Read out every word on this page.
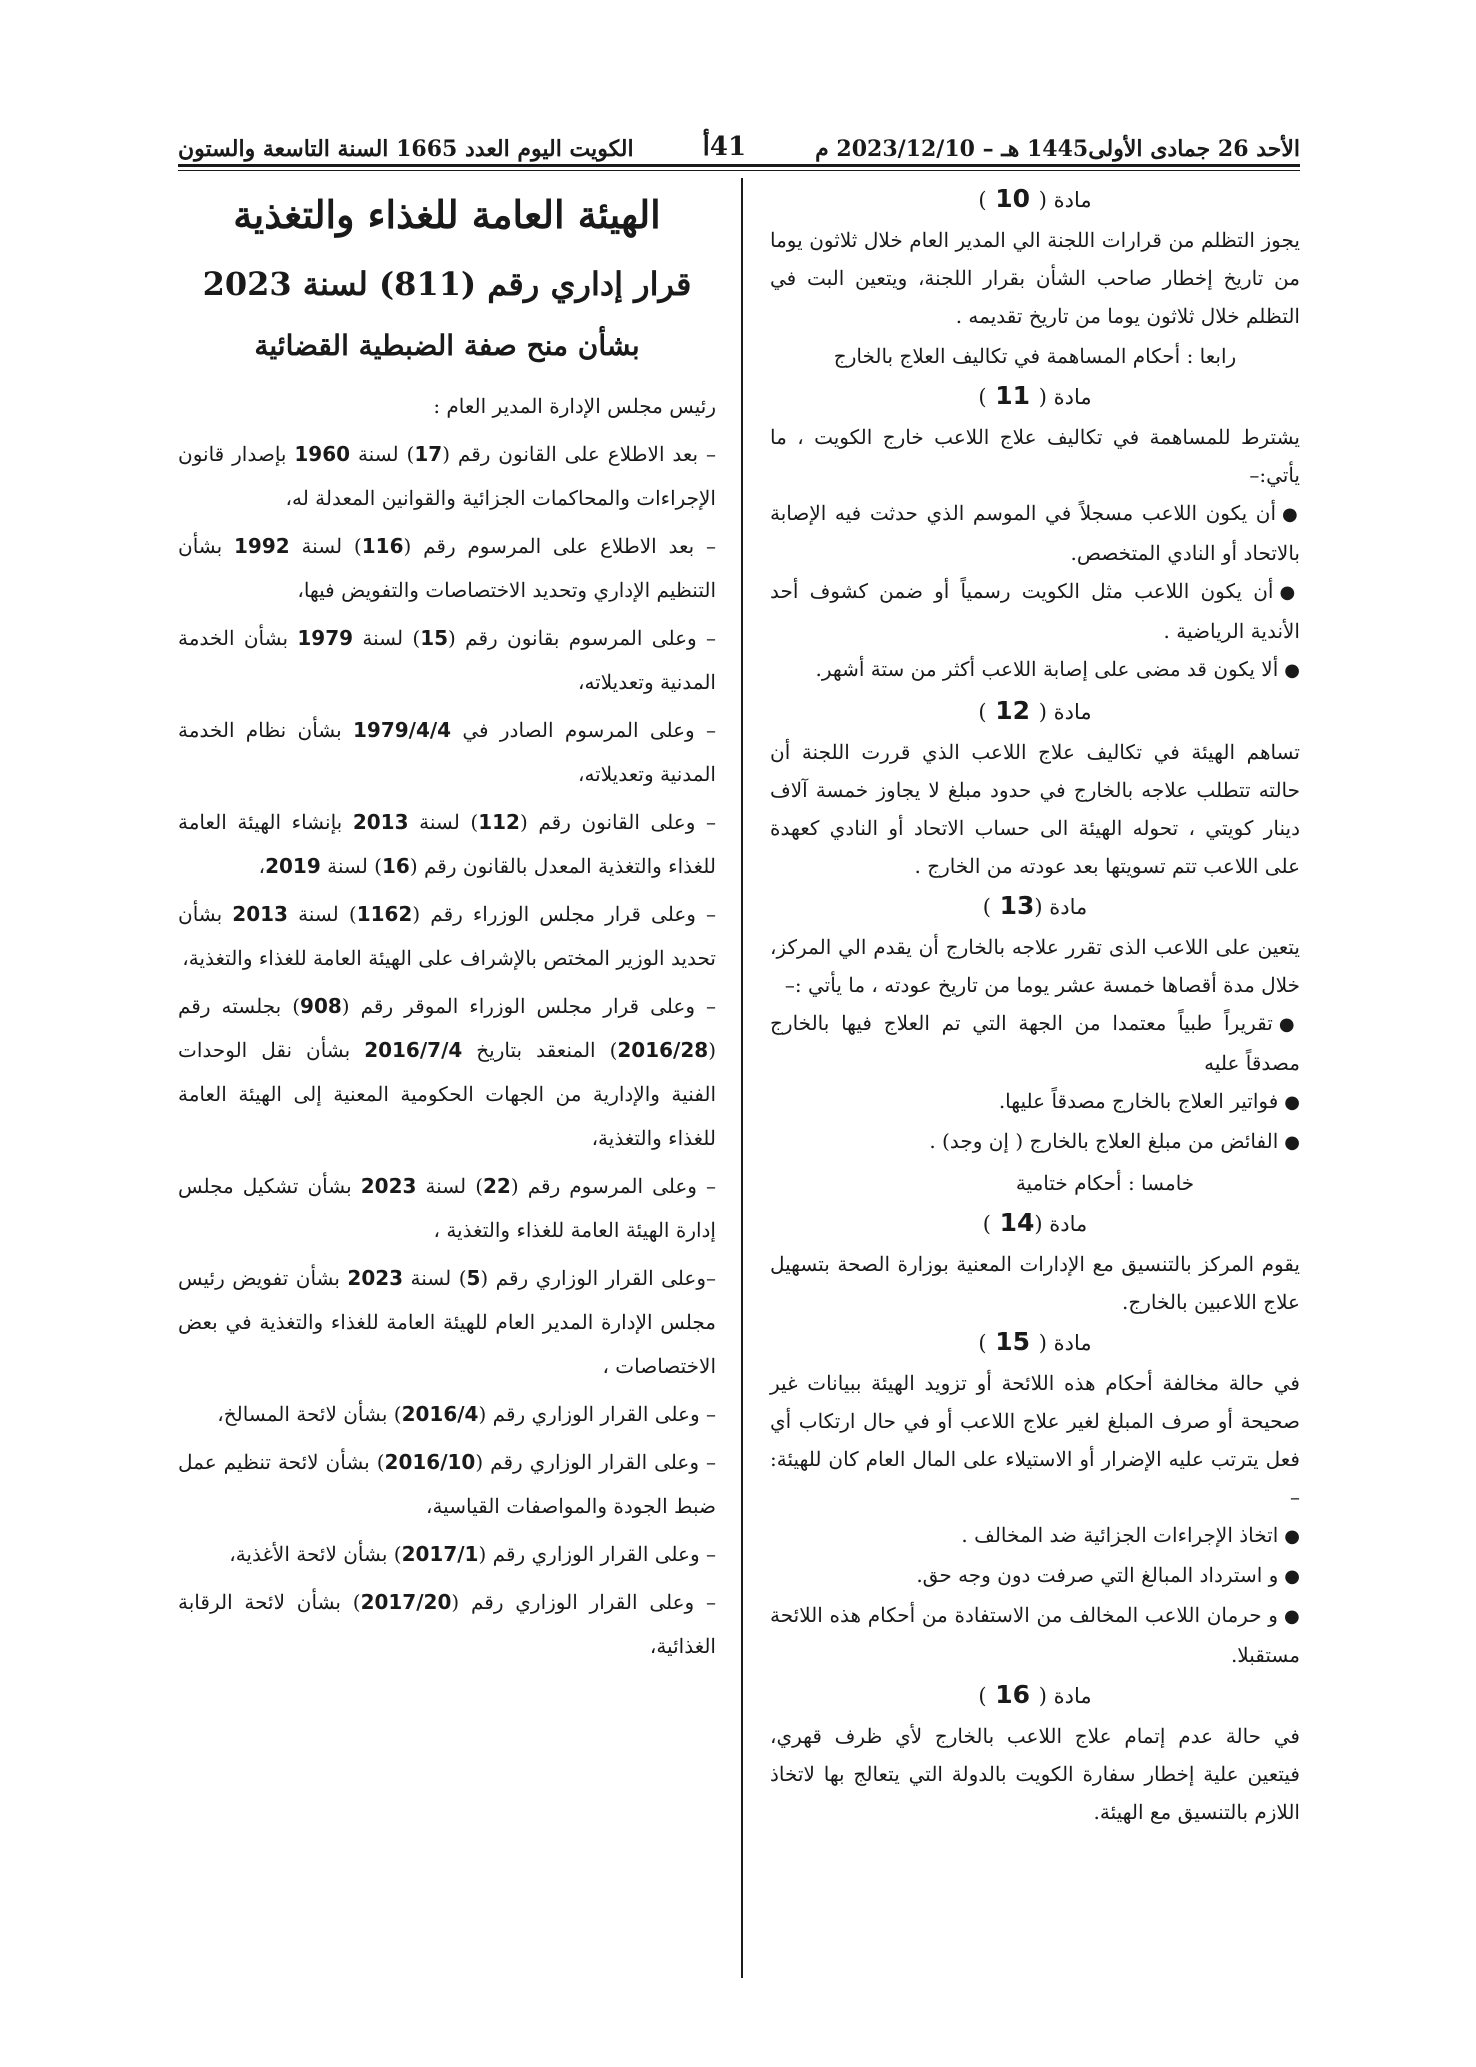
الأحد 26 جمادى الأولى1445 هـ – 2023/12/10 م
41أ
الكويت اليوم العدد 1665 السنة التاسعة والستون
مادة ( 10 )
يجوز التظلم من قرارات اللجنة الي المدير العام خلال ثلاثون يوما من تاريخ إخطار صاحب الشأن بقرار اللجنة، ويتعين البت في التظلم خلال ثلاثون يوما من تاريخ تقديمه .
رابعا : أحكام المساهمة في تكاليف العلاج بالخارج
مادة ( 11 )
يشترط للمساهمة في تكاليف علاج اللاعب خارج الكويت ، ما يأتي:–
●أن يكون اللاعب مسجلاً في الموسم الذي حدثت فيه الإصابة بالاتحاد أو النادي المتخصص.
●أن يكون اللاعب مثل الكويت رسمياً أو ضمن كشوف أحد الأندية الرياضية .
●ألا يكون قد مضى على إصابة اللاعب أكثر من ستة أشهر.
مادة ( 12 )
تساهم الهيئة في تكاليف علاج اللاعب الذي قررت اللجنة أن حالته تتطلب علاجه بالخارج في حدود مبلغ لا يجاوز خمسة آلاف دينار كويتي ، تحوله الهيئة الى حساب الاتحاد أو النادي كعهدة على اللاعب تتم تسويتها بعد عودته من الخارج .
مادة (13 )
يتعين على اللاعب الذى تقرر علاجه بالخارج أن يقدم الي المركز، خلال مدة أقصاها خمسة عشر يوما من تاريخ عودته ، ما يأتي :–
●تقريراً طبياً معتمدا من الجهة التي تم العلاج فيها بالخارج مصدقاً عليه
●فواتير العلاج بالخارج مصدقاً عليها.
●الفائض من مبلغ العلاج بالخارج ( إن وجد) .
خامسا : أحكام ختامية
مادة (14 )
يقوم المركز بالتنسيق مع الإدارات المعنية بوزارة الصحة بتسهيل علاج اللاعبين بالخارج.
مادة ( 15 )
في حالة مخالفة أحكام هذه اللائحة أو تزويد الهيئة ببيانات غير صحيحة أو صرف المبلغ لغير علاج اللاعب أو في حال ارتكاب أي فعل يترتب عليه الإضرار أو الاستيلاء على المال العام كان للهيئة: –
●اتخاذ الإجراءات الجزائية ضد المخالف .
●و استرداد المبالغ التي صرفت دون وجه حق.
●و حرمان اللاعب المخالف من الاستفادة من أحكام هذه اللائحة مستقبلا.
مادة ( 16 )
في حالة عدم إتمام علاج اللاعب بالخارج لأي ظرف قهري، فيتعين علية إخطار سفارة الكويت بالدولة التي يتعالج بها لاتخاذ اللازم بالتنسيق مع الهيئة.
الهيئة العامة للغذاء والتغذية
قرار إداري رقم (811) لسنة 2023
بشأن منح صفة الضبطية القضائية
رئيس مجلس الإدارة المدير العام :
– بعد الاطلاع على القانون رقم (17) لسنة 1960 بإصدار قانون الإجراءات والمحاكمات الجزائية والقوانين المعدلة له،
– بعد الاطلاع على المرسوم رقم (116) لسنة 1992 بشأن التنظيم الإداري وتحديد الاختصاصات والتفويض فيها،
– وعلى المرسوم بقانون رقم (15) لسنة 1979 بشأن الخدمة المدنية وتعديلاته،
– وعلى المرسوم الصادر في 1979/4/4 بشأن نظام الخدمة المدنية وتعديلاته،
– وعلى القانون رقم (112) لسنة 2013 بإنشاء الهيئة العامة للغذاء والتغذية المعدل بالقانون رقم (16) لسنة 2019،
– وعلى قرار مجلس الوزراء رقم (1162) لسنة 2013 بشأن تحديد الوزير المختص بالإشراف على الهيئة العامة للغذاء والتغذية،
– وعلى قرار مجلس الوزراء الموقر رقم (908) بجلسته رقم (2016/28) المنعقد بتاريخ 2016/7/4 بشأن نقل الوحدات الفنية والإدارية من الجهات الحكومية المعنية إلى الهيئة العامة للغذاء والتغذية،
– وعلى المرسوم رقم (22) لسنة 2023 بشأن تشكيل مجلس إدارة الهيئة العامة للغذاء والتغذية ،
–وعلى القرار الوزاري رقم (5) لسنة 2023 بشأن تفويض رئيس مجلس الإدارة المدير العام للهيئة العامة للغذاء والتغذية في بعض الاختصاصات ،
– وعلى القرار الوزاري رقم (2016/4) بشأن لائحة المسالخ،
– وعلى القرار الوزاري رقم (2016/10) بشأن لائحة تنظيم عمل ضبط الجودة والمواصفات القياسية،
– وعلى القرار الوزاري رقم (2017/1) بشأن لائحة الأغذية،
– وعلى القرار الوزاري رقم (2017/20) بشأن لائحة الرقابة الغذائية،
